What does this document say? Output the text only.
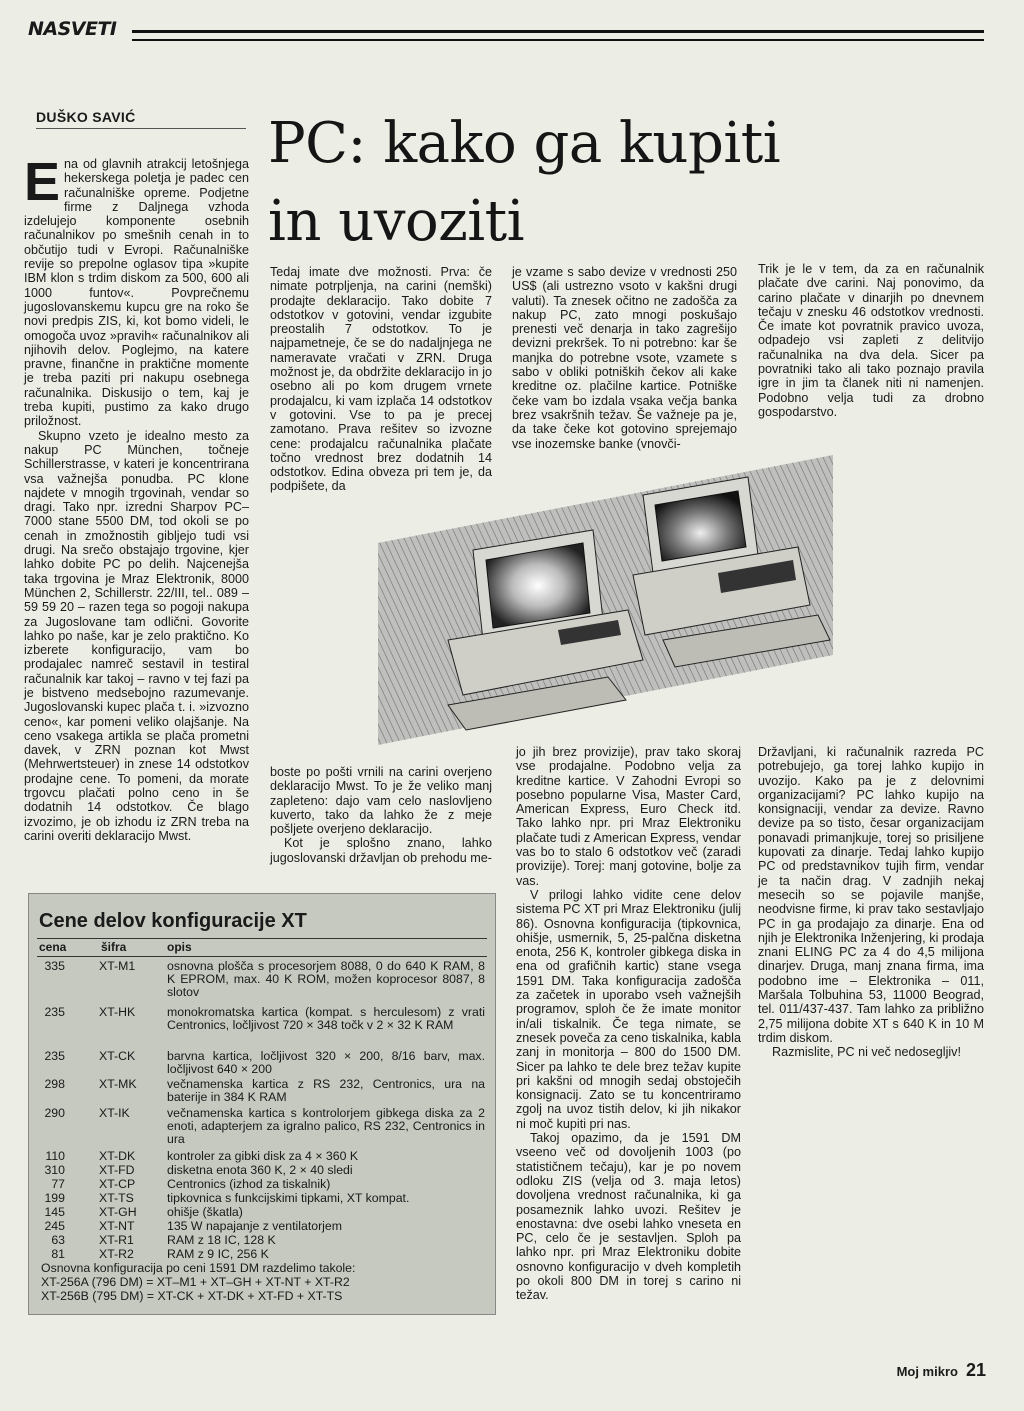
NASVETI
DUŠKO SAVIĆ PC: kako ga kupiti
in uvoziti

Ena od glavnih atrakcij letošnjega hekerskega poletja je padec cen računalniške opreme. Podjetne firme z Daljnega vzhoda izdelujejo komponente osebnih računalnikov po smešnih cenah in to občutijo tudi v Evropi. Računalniške revije so prepolne oglasov tipa »kupite IBM klon s trdim diskom za 500, 600 ali 1000 funtov«. Povprečnemu jugoslovanskemu kupcu gre na roko še novi predpis ZIS, ki, kot bomo videli, le omogoča uvoz »pravih« računalnikov ali njihovih delov. Poglejmo, na katere pravne, finančne in praktične momente je treba paziti pri nakupu osebnega računalnika. Diskusijo o tem, kaj je treba kupiti, pustimo za kako drugo priložnost.

Skupno vzeto je idealno mesto za nakup PC München, točneje Schillerstrasse, v kateri je koncentrirana vsa važnejša ponudba. PC klone najdete v mnogih trgovinah, vendar so dragi. Tako npr. izredni Sharpov PC–7000 stane 5500 DM, tod okoli se po cenah in zmožnostih gibljejo tudi vsi drugi. Na srečo obstajajo trgovine, kjer lahko dobite PC po delih. Najcenejša taka trgovina je Mraz Elektronik, 8000 München 2, Schillerstr. 22/III, tel.. 089 – 59 59 20 – razen tega so pogoji nakupa za Jugoslovane tam odlični. Govorite lahko po naše, kar je zelo praktično. Ko izberete konfiguracijo, vam bo prodajalec namreč sestavil in testiral računalnik kar takoj – ravno v tej fazi pa je bistveno medsebojno razumevanje. Jugoslovanski kupec plača t. i. »izvozno ceno«, kar pomeni veliko olajšanje. Na ceno vsakega artikla se plača prometni davek, v ZRN poznan kot Mwst (Mehrwertsteuer) in znese 14 odstotkov prodajne cene. To pomeni, da morate trgovcu plačati polno ceno in še dodatnih 14 odstotkov. Če blago izvozimo, je ob izhodu iz ZRN treba na carini overiti deklaracijo Mwst.

Tedaj imate dve možnosti. Prva: če nimate potrpljenja, na carini (nemški) prodajte deklaracijo. Tako dobite 7 odstotkov v gotovini, vendar izgubite preostalih 7 odstotkov. To je najpametneje, če se do nadaljnjega ne nameravate vračati v ZRN. Druga možnost je, da obdržite deklaracijo in jo osebno ali po kom drugem vrnete prodajalcu, ki vam izplača 14 odstotkov v gotovini. Vse to pa je precej zamotano. Prava rešitev so izvozne cene: prodajalcu računalnika plačate točno vrednost brez dodatnih 14 odstotkov. Edina obveza pri tem je, da podpišete, da

je vzame s sabo devize v vrednosti 250 US$ (ali ustrezno vsoto v kakšni drugi valuti). Ta znesek očitno ne zadošča za nakup PC, zato mnogi poskušajo prenesti več denarja in tako zagrešijo devizni prekršek. To ni potrebno: kar še manjka do potrebne vsote, vzamete s sabo v obliki potniških čekov ali kake kreditne oz. plačilne kartice. Potniške čeke vam bo izdala vsaka večja banka brez vsakršnih težav. Še važneje pa je, da take čeke kot gotovino sprejemajo vse inozemske banke (vnovči-

Trik je le v tem, da za en računalnik plačate dve carini. Naj ponovimo, da carino plačate v dinarjih po dnevnem tečaju v znesku 46 odstotkov vrednosti. Če imate kot povratnik pravico uvoza, odpadejo vsi zapleti z delitvijo računalnika na dva dela. Sicer pa povratniki tako ali tako poznajo pravila igre in jim ta članek niti ni namenjen. Podobno velja tudi za drobno gospodarstvo.

boste po pošti vrnili na carini overjeno deklaracijo Mwst. To je že veliko manj zapleteno: dajo vam celo naslovljeno kuverto, tako da lahko že z meje pošljete overjeno deklaracijo.

Kot je splošno znano, lahko jugoslovanski državljan ob prehodu me-

jo jih brez provizije), prav tako skoraj vse prodajalne. Podobno velja za kreditne kartice. V Zahodni Evropi so posebno popularne Visa, Master Card, American Express, Euro Check itd. Tako lahko npr. pri Mraz Elektroniku plačate tudi z American Express, vendar vas bo to stalo 6 odstotkov več (zaradi provizije). Torej: manj gotovine, bolje za vas.

V prilogi lahko vidite cene delov sistema PC XT pri Mraz Elektroniku (julij 86). Osnovna konfiguracija (tipkovnica, ohišje, usmernik, 5, 25-palčna disketna enota, 256 K, kontroler gibkega diska in ena od grafičnih kartic) stane vsega 1591 DM. Taka konfiguracija zadošča za začetek in uporabo vseh važnejših programov, sploh če že imate monitor in/ali tiskalnik. Če tega nimate, se znesek poveča za ceno tiskalnika, kabla zanj in monitorja – 800 do 1500 DM. Sicer pa lahko te dele brez težav kupite pri kakšni od mnogih sedaj obstoječih konsignacij. Zato se tu koncentriramo zgolj na uvoz tistih delov, ki jih nikakor ni moč kupiti pri nas.

Takoj opazimo, da je 1591 DM vseeno več od dovoljenih 1003 (po statističnem tečaju), kar je po novem odloku ZIS (velja od 3. maja letos) dovoljena vrednost računalnika, ki ga posameznik lahko uvozi. Rešitev je enostavna: dve osebi lahko vneseta en PC, celo če je sestavljen. Sploh pa lahko npr. pri Mraz Elektroniku dobite osnovno konfiguracijo v dveh kompletih po okoli 800 DM in torej s carino ni težav.

Državljani, ki računalnik razreda PC potrebujejo, ga torej lahko kupijo in uvozijo. Kako pa je z delovnimi organizacijami? PC lahko kupijo na konsignaciji, vendar za devize. Ravno devize pa so tisto, česar organizacijam ponavadi primanjkuje, torej so prisiljene kupovati za dinarje. Tedaj lahko kupijo PC od predstavnikov tujih firm, vendar je ta način drag. V zadnjih nekaj mesecih so se pojavile manjše, neodvisne firme, ki prav tako sestavljajo PC in ga prodajajo za dinarje. Ena od njih je Elektronika Inženjering, ki prodaja znani ELING PC za 4 do 4,5 milijona dinarjev. Druga, manj znana firma, ima podobno ime – Elektronika – 011, Maršala Tolbuhina 53, 11000 Beograd, tel. 011/437-437. Tam lahko za približno 2,75 milijona dobite XT s 640 K in 10 M trdim diskom.

Razmislite, PC ni več nedosegljiv!

Cene delov konfiguracije XT
cena	šifra	opis
335	XT-M1	osnovna plošča s procesorjem 8088, 0 do 640 K RAM, 8 K EPROM, max. 40 K ROM, možen koprocesor 8087, 8 slotov
235	XT-HK	monokromatska kartica (kompat. s herculesom) z vrati Centronics, ločljivost 720 × 348 točk v 2 × 32 K RAM
235	XT-CK	barvna kartica, ločljivost 320 × 200, 8/16 barv, max. ločljivost 640 × 200
298	XT-MK	večnamenska kartica z RS 232, Centronics, ura na baterije in 384 K RAM
290	XT-IK	večnamenska kartica s kontrolorjem gibkega diska za 2 enoti, adapterjem za igralno palico, RS 232, Centronics in ura
110	XT-DK	kontroler za gibki disk za 4 × 360 K
310	XT-FD	disketna enota 360 K, 2 × 40 sledi
77	XT-CP	Centronics (izhod za tiskalnik)
199	XT-TS	tipkovnica s funkcijskimi tipkami, XT kompat.
145	XT-GH	ohišje (škatla)
245	XT-NT	135 W napajanje z ventilatorjem
63	XT-R1	RAM z 18 IC, 128 K
81	XT-R2	RAM z 9 IC, 256 K
Osnovna konfiguracija po ceni 1591 DM razdelimo takole:
XT-256A (796 DM) = XT–M1 + XT–GH + XT-NT + XT-R2
XT-256B (795 DM) = XT-CK + XT-DK + XT-FD + XT-TS
Moj mikro 21
